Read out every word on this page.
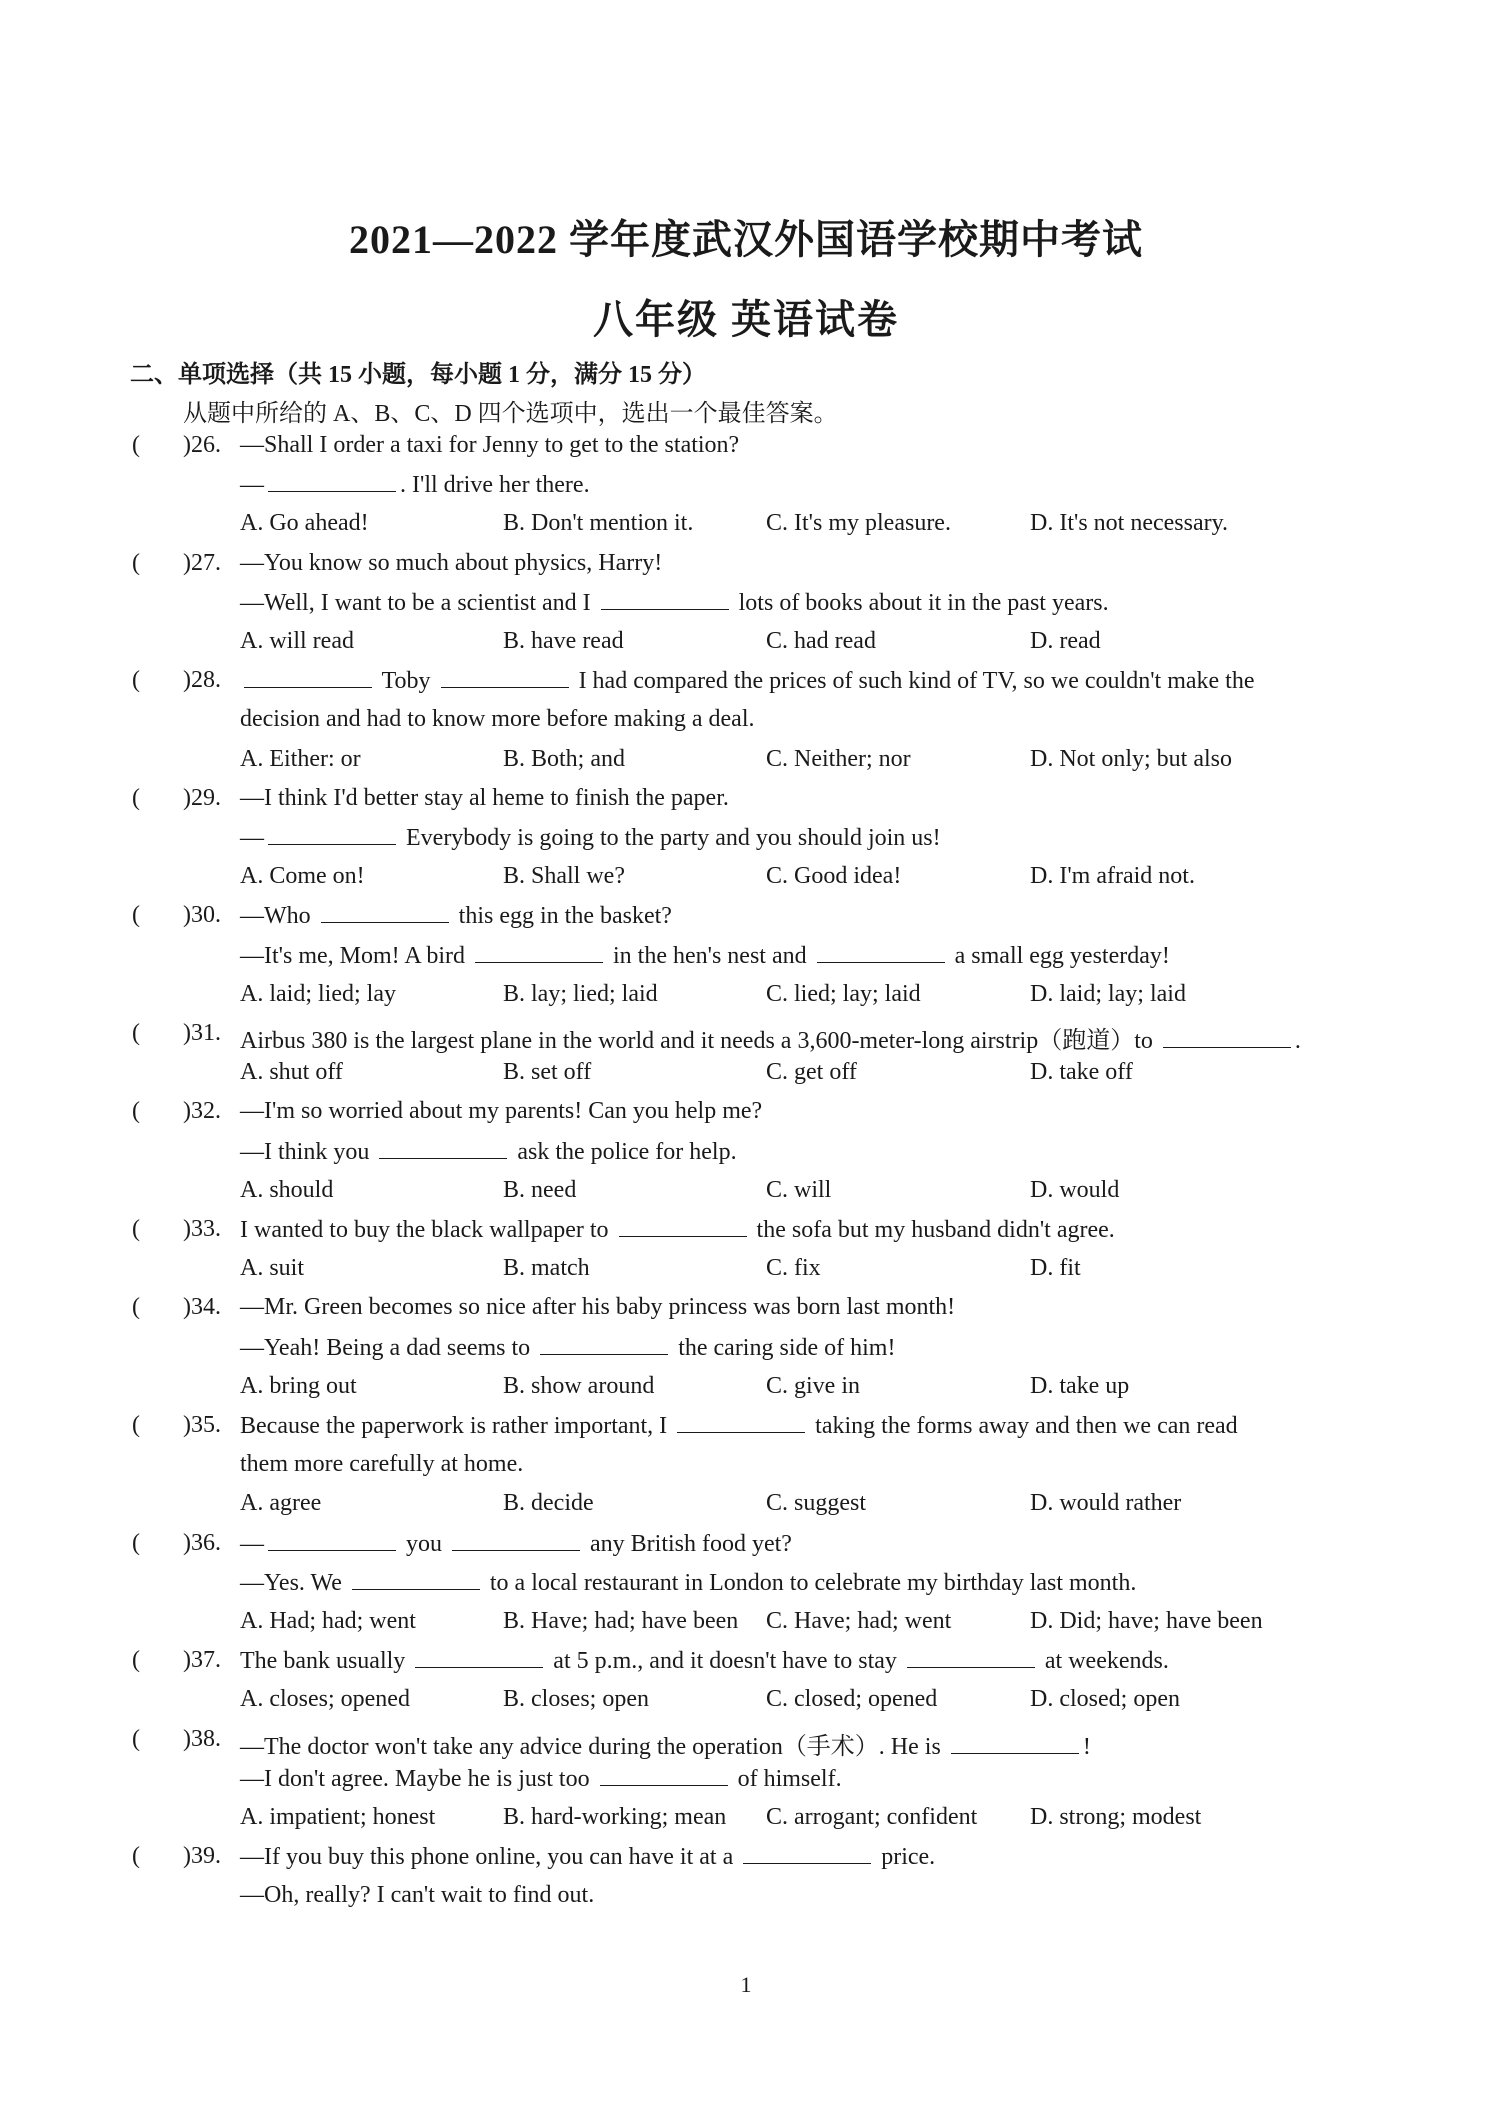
2021—2022 学年度武汉外国语学校期中考试
八年级 英语试卷
二、单项选择（共 15 小题，每小题 1 分，满分 15 分）
从题中所给的 A、B、C、D 四个选项中，选出一个最佳答案。
( )26. —Shall I order a taxi for Jenny to get to the station?
—	. I'll drive her there.
A. Go ahead!	B. Don't mention it.	C. It's my pleasure.	D. It's not necessary.
( )27. —You know so much about physics, Harry!
—Well, I want to be a scientist and I	lots of books about it in the past years.
A. will read	B. have read	C. had read	D. read
( )28.	Toby	I had compared the prices of such kind of TV, so we couldn't make the
decision and had to know more before making a deal.
A. Either: or	B. Both; and	C. Neither; nor	D. Not only; but also
( )29. —I think I'd better stay al heme to finish the paper.
—	Everybody is going to the party and you should join us!
A. Come on!	B. Shall we?	C. Good idea!	D. I'm afraid not.
( )30. —Who	this egg in the basket?
—It's me, Mom! A bird	in the hen's nest and	a small egg yesterday!
A. laid; lied; lay	B. lay; lied; laid	C. lied; lay; laid	D. laid; lay; laid
( )31. Airbus 380 is the largest plane in the world and it needs a 3,600-meter-long airstrip（跑道）to	.
A. shut off	B. set off	C. get off	D. take off
( )32. —I'm so worried about my parents! Can you help me?
—I think you	ask the police for help.
A. should	B. need	C. will	D. would
( )33. I wanted to buy the black wallpaper to	the sofa but my husband didn't agree.
A. suit	B. match	C. fix	D. fit
( )34. —Mr. Green becomes so nice after his baby princess was born last month!
—Yeah! Being a dad seems to	the caring side of him!
A. bring out	B. show around	C. give in	D. take up
( )35. Because the paperwork is rather important, I	taking the forms away and then we can read
them more carefully at home.
A. agree	B. decide	C. suggest	D. would rather
( )36. —	you	any British food yet?
—Yes. We	to a local restaurant in London to celebrate my birthday last month.
A. Had; had; went	B. Have; had; have been C. Have; had; went	D. Did; have; have been
( )37. The bank usually	at 5 p.m., and it doesn't have to stay	at weekends.
A. closes; opened	B. closes; open	C. closed; opened	D. closed; open
( )38. —The doctor won't take any advice during the operation（手术）. He is	!
—I don't agree. Maybe he is just too	of himself.
A. impatient; honest	B. hard-working; mean C. arrogant; confident D. strong; modest
( )39. —If you buy this phone online, you can have it at a	price.
—Oh, really? I can't wait to find out.
1
